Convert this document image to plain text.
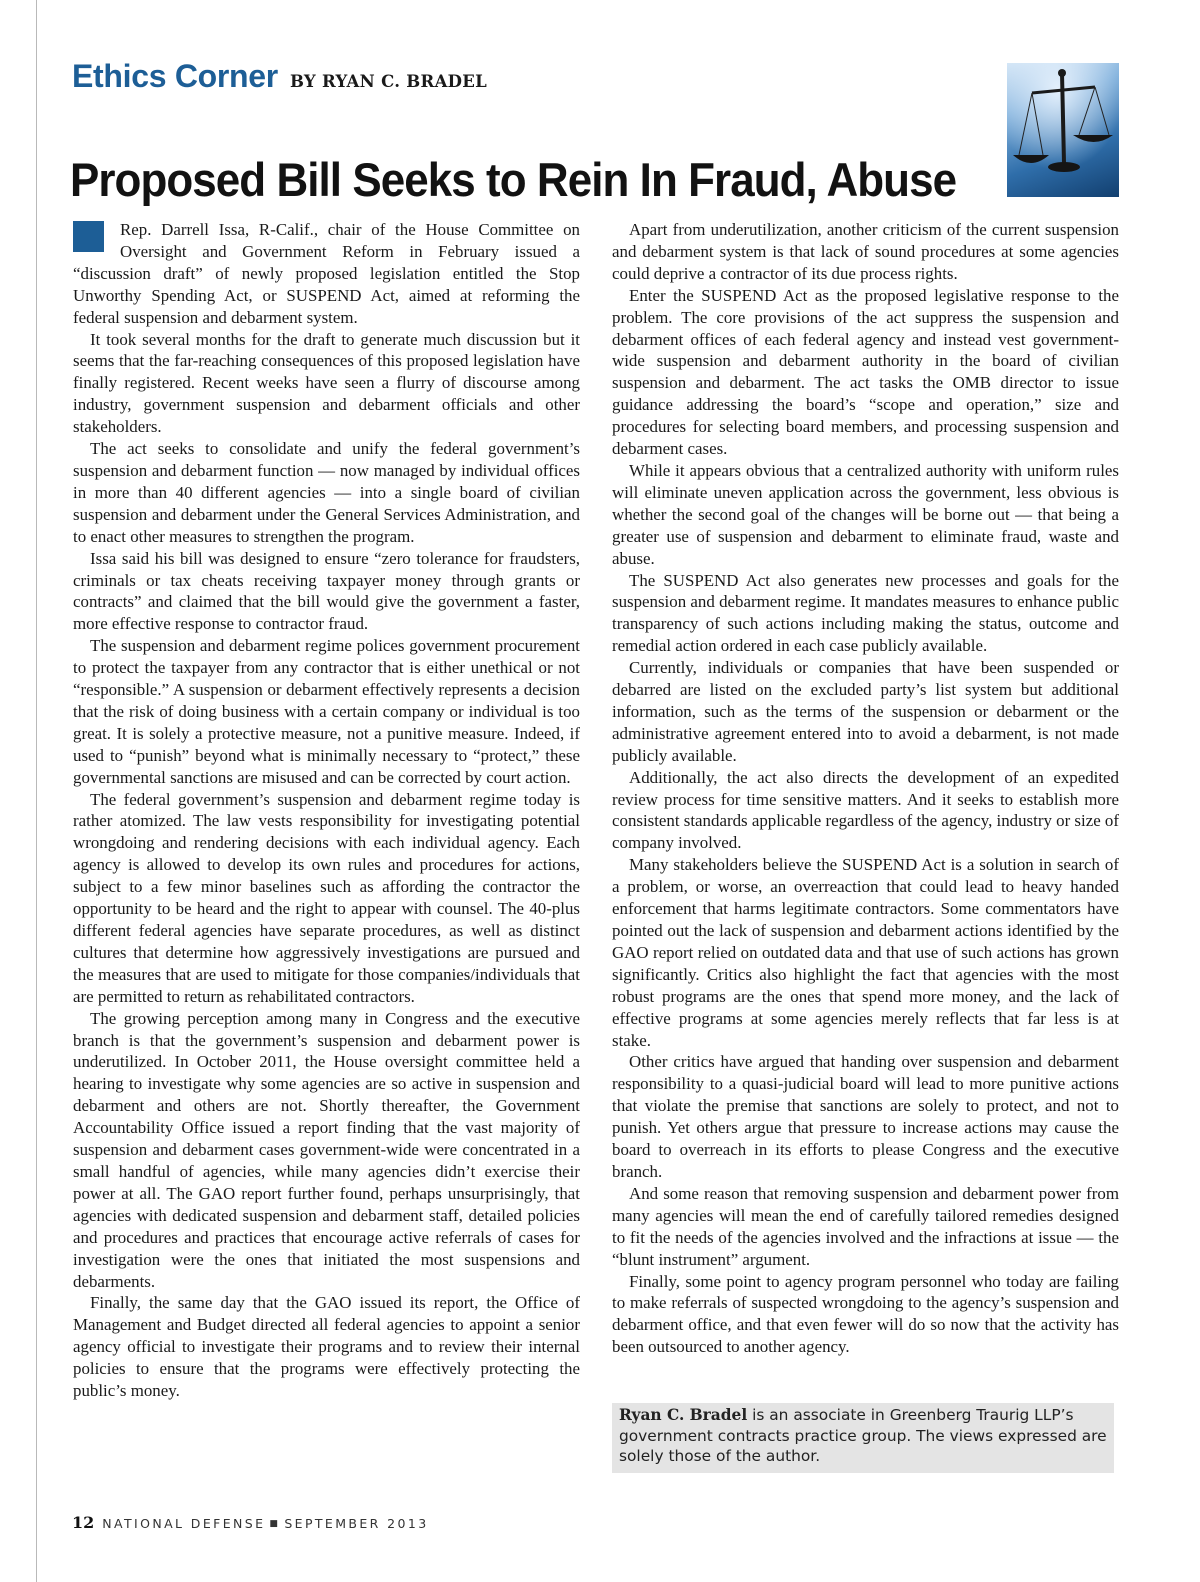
Ethics Corner BY RYAN C. BRADEL
Proposed Bill Seeks to Rein In Fraud, Abuse

Rep. Darrell Issa, R-Calif., chair of the House Committee on Oversight and Government Reform in February issued a “discussion draft” of newly proposed legislation entitled the Stop Unworthy Spending Act, or SUSPEND Act, aimed at reforming the federal suspension and debarment system.

It took several months for the draft to generate much discussion but it seems that the far-reaching consequences of this proposed legislation have finally registered. Recent weeks have seen a flurry of discourse among industry, government suspension and debarment officials and other stakeholders.

The act seeks to consolidate and unify the federal government’s suspension and debarment function — now managed by individual offices in more than 40 different agencies — into a single board of civilian suspension and debarment under the General Services Administration, and to enact other measures to strengthen the program.

Issa said his bill was designed to ensure “zero tolerance for fraudsters, criminals or tax cheats receiving taxpayer money through grants or contracts” and claimed that the bill would give the government a faster, more effective response to contractor fraud.

The suspension and debarment regime polices government procurement to protect the taxpayer from any contractor that is either unethical or not “responsible.” A suspension or debarment effectively represents a decision that the risk of doing business with a certain company or individual is too great. It is solely a protective measure, not a punitive measure. Indeed, if used to “punish” beyond what is minimally necessary to “protect,” these governmental sanctions are misused and can be corrected by court action.

The federal government’s suspension and debarment regime today is rather atomized. The law vests responsibility for investigating potential wrongdoing and rendering decisions with each individual agency. Each agency is allowed to develop its own rules and procedures for actions, subject to a few minor baselines such as affording the contractor the opportunity to be heard and the right to appear with counsel. The 40-plus different federal agencies have separate procedures, as well as distinct cultures that determine how aggressively investigations are pursued and the measures that are used to mitigate for those companies/individuals that are permitted to return as rehabilitated contractors.

The growing perception among many in Congress and the executive branch is that the government’s suspension and debarment power is underutilized. In October 2011, the House oversight committee held a hearing to investigate why some agencies are so active in suspension and debarment and others are not. Shortly thereafter, the Government Accountability Office issued a report finding that the vast majority of suspension and debarment cases government-wide were concentrated in a small handful of agencies, while many agencies didn’t exercise their power at all. The GAO report further found, perhaps unsurprisingly, that agencies with dedicated suspension and debarment staff, detailed policies and procedures and practices that encourage active referrals of cases for investigation were the ones that initiated the most suspensions and debarments.

Finally, the same day that the GAO issued its report, the Office of Management and Budget directed all federal agencies to appoint a senior agency official to investigate their programs and to review their internal policies to ensure that the programs were effectively protecting the public’s money.

Apart from underutilization, another criticism of the current suspension and debarment system is that lack of sound procedures at some agencies could deprive a contractor of its due process rights.

Enter the SUSPEND Act as the proposed legislative response to the problem. The core provisions of the act suppress the suspension and debarment offices of each federal agency and instead vest government-wide suspension and debarment authority in the board of civilian suspension and debarment. The act tasks the OMB director to issue guidance addressing the board’s “scope and operation,” size and procedures for selecting board members, and processing suspension and debarment cases.

While it appears obvious that a centralized authority with uniform rules will eliminate uneven application across the government, less obvious is whether the second goal of the changes will be borne out — that being a greater use of suspension and debarment to eliminate fraud, waste and abuse.

The SUSPEND Act also generates new processes and goals for the suspension and debarment regime. It mandates measures to enhance public transparency of such actions including making the status, outcome and remedial action ordered in each case publicly available.

Currently, individuals or companies that have been suspended or debarred are listed on the excluded party’s list system but additional information, such as the terms of the suspension or debarment or the administrative agreement entered into to avoid a debarment, is not made publicly available.

Additionally, the act also directs the development of an expedited review process for time sensitive matters. And it seeks to establish more consistent standards applicable regardless of the agency, industry or size of company involved.

Many stakeholders believe the SUSPEND Act is a solution in search of a problem, or worse, an overreaction that could lead to heavy handed enforcement that harms legitimate contractors. Some commentators have pointed out the lack of suspension and debarment actions identified by the GAO report relied on outdated data and that use of such actions has grown significantly. Critics also highlight the fact that agencies with the most robust programs are the ones that spend more money, and the lack of effective programs at some agencies merely reflects that far less is at stake.

Other critics have argued that handing over suspension and debarment responsibility to a quasi-judicial board will lead to more punitive actions that violate the premise that sanctions are solely to protect, and not to punish. Yet others argue that pressure to increase actions may cause the board to overreach in its efforts to please Congress and the executive branch.

And some reason that removing suspension and debarment power from many agencies will mean the end of carefully tailored remedies designed to fit the needs of the agencies involved and the infractions at issue — the “blunt instrument” argument.

Finally, some point to agency program personnel who today are failing to make referrals of suspected wrongdoing to the agency’s suspension and debarment office, and that even fewer will do so now that the activity has been outsourced to another agency.

Ryan C. Bradel is an associate in Greenberg Traurig LLP’s government contracts practice group. The views expressed are solely those of the author.
12 NATIONAL DEFENSE ■ SEPTEMBER 2013
